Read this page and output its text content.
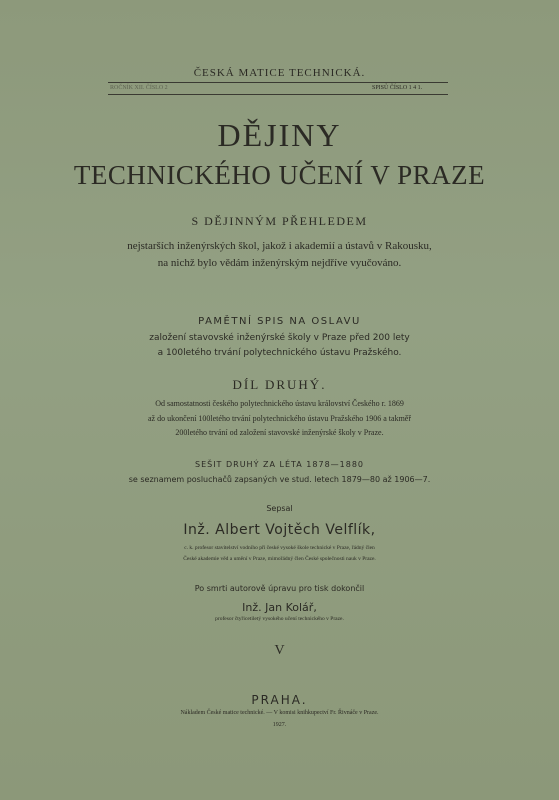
ČESKÁ MATICE TECHNICKÁ.
ROČNÍK XII. ČÍSLO 2	SPISŮ ČÍSLO 1 4 1.
DĚJINY
TECHNICKÉHO UČENÍ V PRAZE
S DĚJINNÝM PŘEHLEDEM
nejstarších inženýrských škol, jakož i akademií a ústavů v Rakousku,
na nichž bylo vědám inženýrským nejdříve vyučováno.
PAMĚTNÍ SPIS NA OSLAVU
založení stavovské inženýrské školy v Praze před 200 lety
a 100letého trvání polytechnického ústavu Pražského.
DÍL DRUHÝ.
Od samostatnosti českého polytechnického ústavu království Českého r. 1869
až do ukončení 100letého trvání polytechnického ústavu Pražského 1906 a takměř
200letého trvání od založení stavovské inženýrské školy v Praze.
SEŠIT DRUHÝ ZA LÉTA 1878—1880
se seznamem posluchačů zapsaných ve stud. letech 1879—80 až 1906—7.
Sepsal
Inž. Albert Vojtěch Velflík,
c. k. profesor stavitelství vodního při české vysoké škole technické v Praze, řádný člen
České akademie věd a umění v Praze, mimořádný člen České společnosti nauk v Praze.
Po smrti autorově úpravu pro tisk dokončil
Inž. Jan Kolář,
profesor čtyřicetiletý vysokého učení technického v Praze.
V
PRAHA.
Nákladem České matice technické. — V komisi knihkupectví Fr. Řivnáče v Praze.
1927.
